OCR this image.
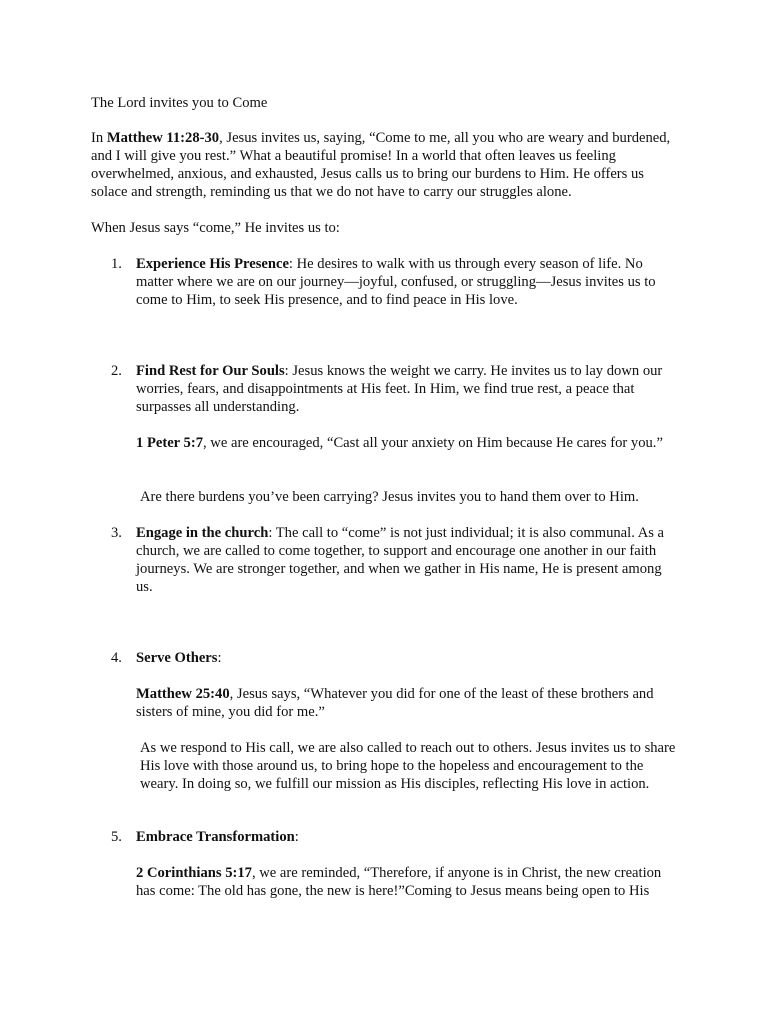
The Lord invites you to Come

In Matthew 11:28-30, Jesus invites us, saying, “Come to me, all you who are weary and burdened, and I will give you rest.” What a beautiful promise! In a world that often leaves us feeling overwhelmed, anxious, and exhausted, Jesus calls us to bring our burdens to Him. He offers us solace and strength, reminding us that we do not have to carry our struggles alone.

When Jesus says “come,” He invites us to:

1. Experience His Presence: He desires to walk with us through every season of life. No matter where we are on our journey—joyful, confused, or struggling—Jesus invites us to come to Him, to seek His presence, and to find peace in His love.

2. Find Rest for Our Souls: Jesus knows the weight we carry. He invites us to lay down our worries, fears, and disappointments at His feet. In Him, we find true rest, a peace that surpasses all understanding.

1 Peter 5:7, we are encouraged, “Cast all your anxiety on Him because He cares for you.”

Are there burdens you’ve been carrying? Jesus invites you to hand them over to Him.

3. Engage in the church: The call to “come” is not just individual; it is also communal. As a church, we are called to come together, to support and encourage one another in our faith journeys. We are stronger together, and when we gather in His name, He is present among us.

4. Serve Others:

Matthew 25:40, Jesus says, “Whatever you did for one of the least of these brothers and sisters of mine, you did for me.”

As we respond to His call, we are also called to reach out to others. Jesus invites us to share His love with those around us, to bring hope to the hopeless and encouragement to the weary. In doing so, we fulfill our mission as His disciples, reflecting His love in action.

5. Embrace Transformation:

2 Corinthians 5:17, we are reminded, “Therefore, if anyone is in Christ, the new creation has come: The old has gone, the new is here!”Coming to Jesus means being open to His
